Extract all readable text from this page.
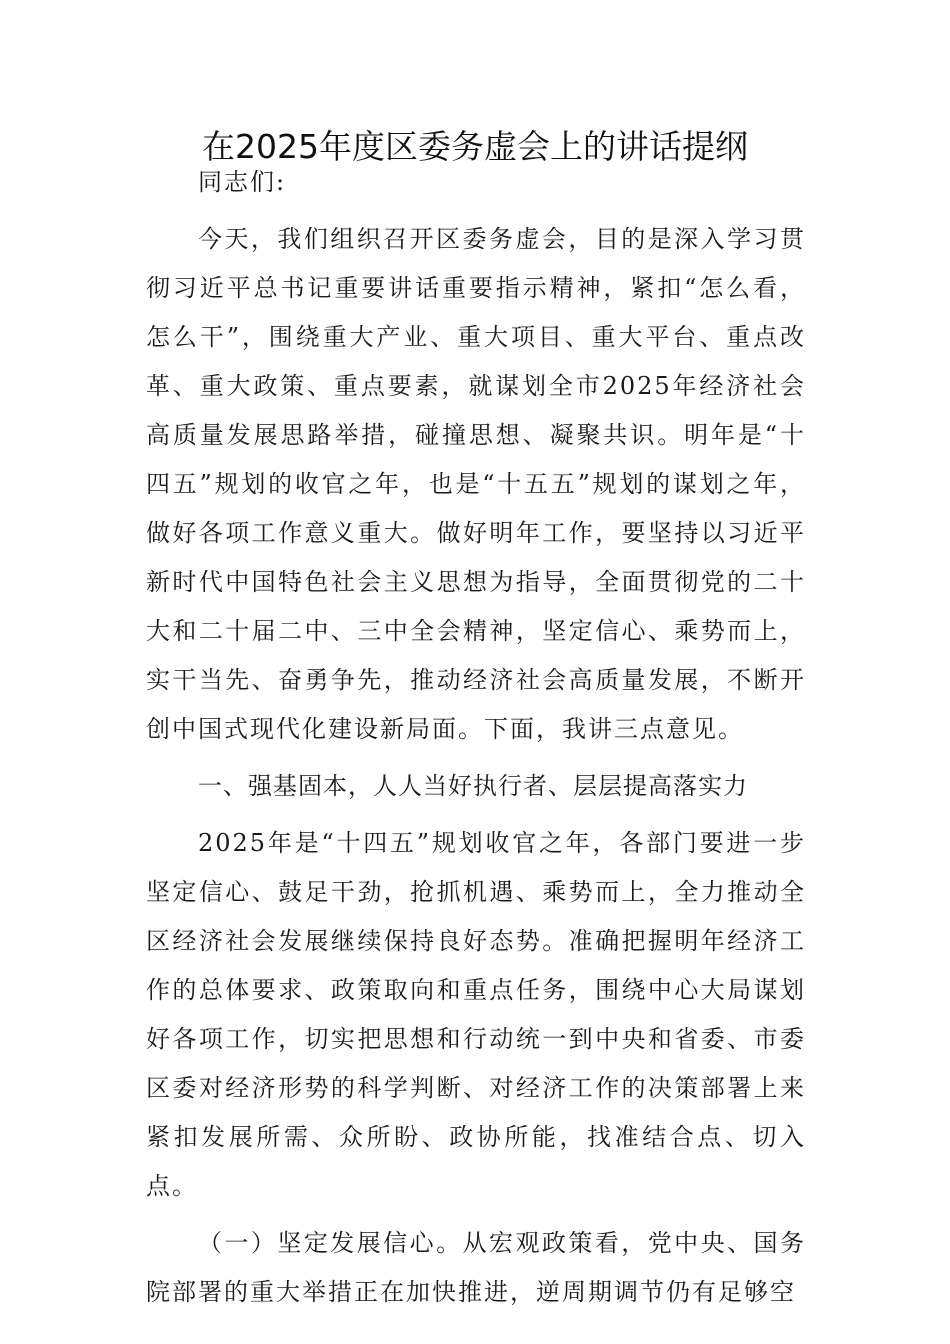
在2025年度区委务虚会上的讲话提纲

同志们:

今天，我们组织召开区委务虚会，目的是深入学习贯彻习近平总书记重要讲话重要指示精神，紧扣“怎么看，怎么干”，围绕重大产业、重大项目、重大平台、重点改革、重大政策、重点要素，就谋划全市2025年经济社会高质量发展思路举措，碰撞思想、凝聚共识。明年是“十四五”规划的收官之年，也是“十五五”规划的谋划之年，做好各项工作意义重大。做好明年工作，要坚持以习近平新时代中国特色社会主义思想为指导，全面贯彻党的二十大和二十届二中、三中全会精神，坚定信心、乘势而上，实干当先、奋勇争先，推动经济社会高质量发展，不断开创中国式现代化建设新局面。下面，我讲三点意见。

一、强基固本，人人当好执行者、层层提高落实力

2025年是“十四五”规划收官之年，各部门要进一步坚定信心、鼓足干劲，抢抓机遇、乘势而上，全力推动全区经济社会发展继续保持良好态势。准确把握明年经济工作的总体要求、政策取向和重点任务，围绕中心大局谋划好各项工作，切实把思想和行动统一到中央和省委、市委区委对经济形势的科学判断、对经济工作的决策部署上来紧扣发展所需、众所盼、政协所能，找准结合点、切入点。

（一）坚定发展信心。从宏观政策看，党中央、国务院部署的重大举措正在加快推进，逆周期调节仍有足够空
